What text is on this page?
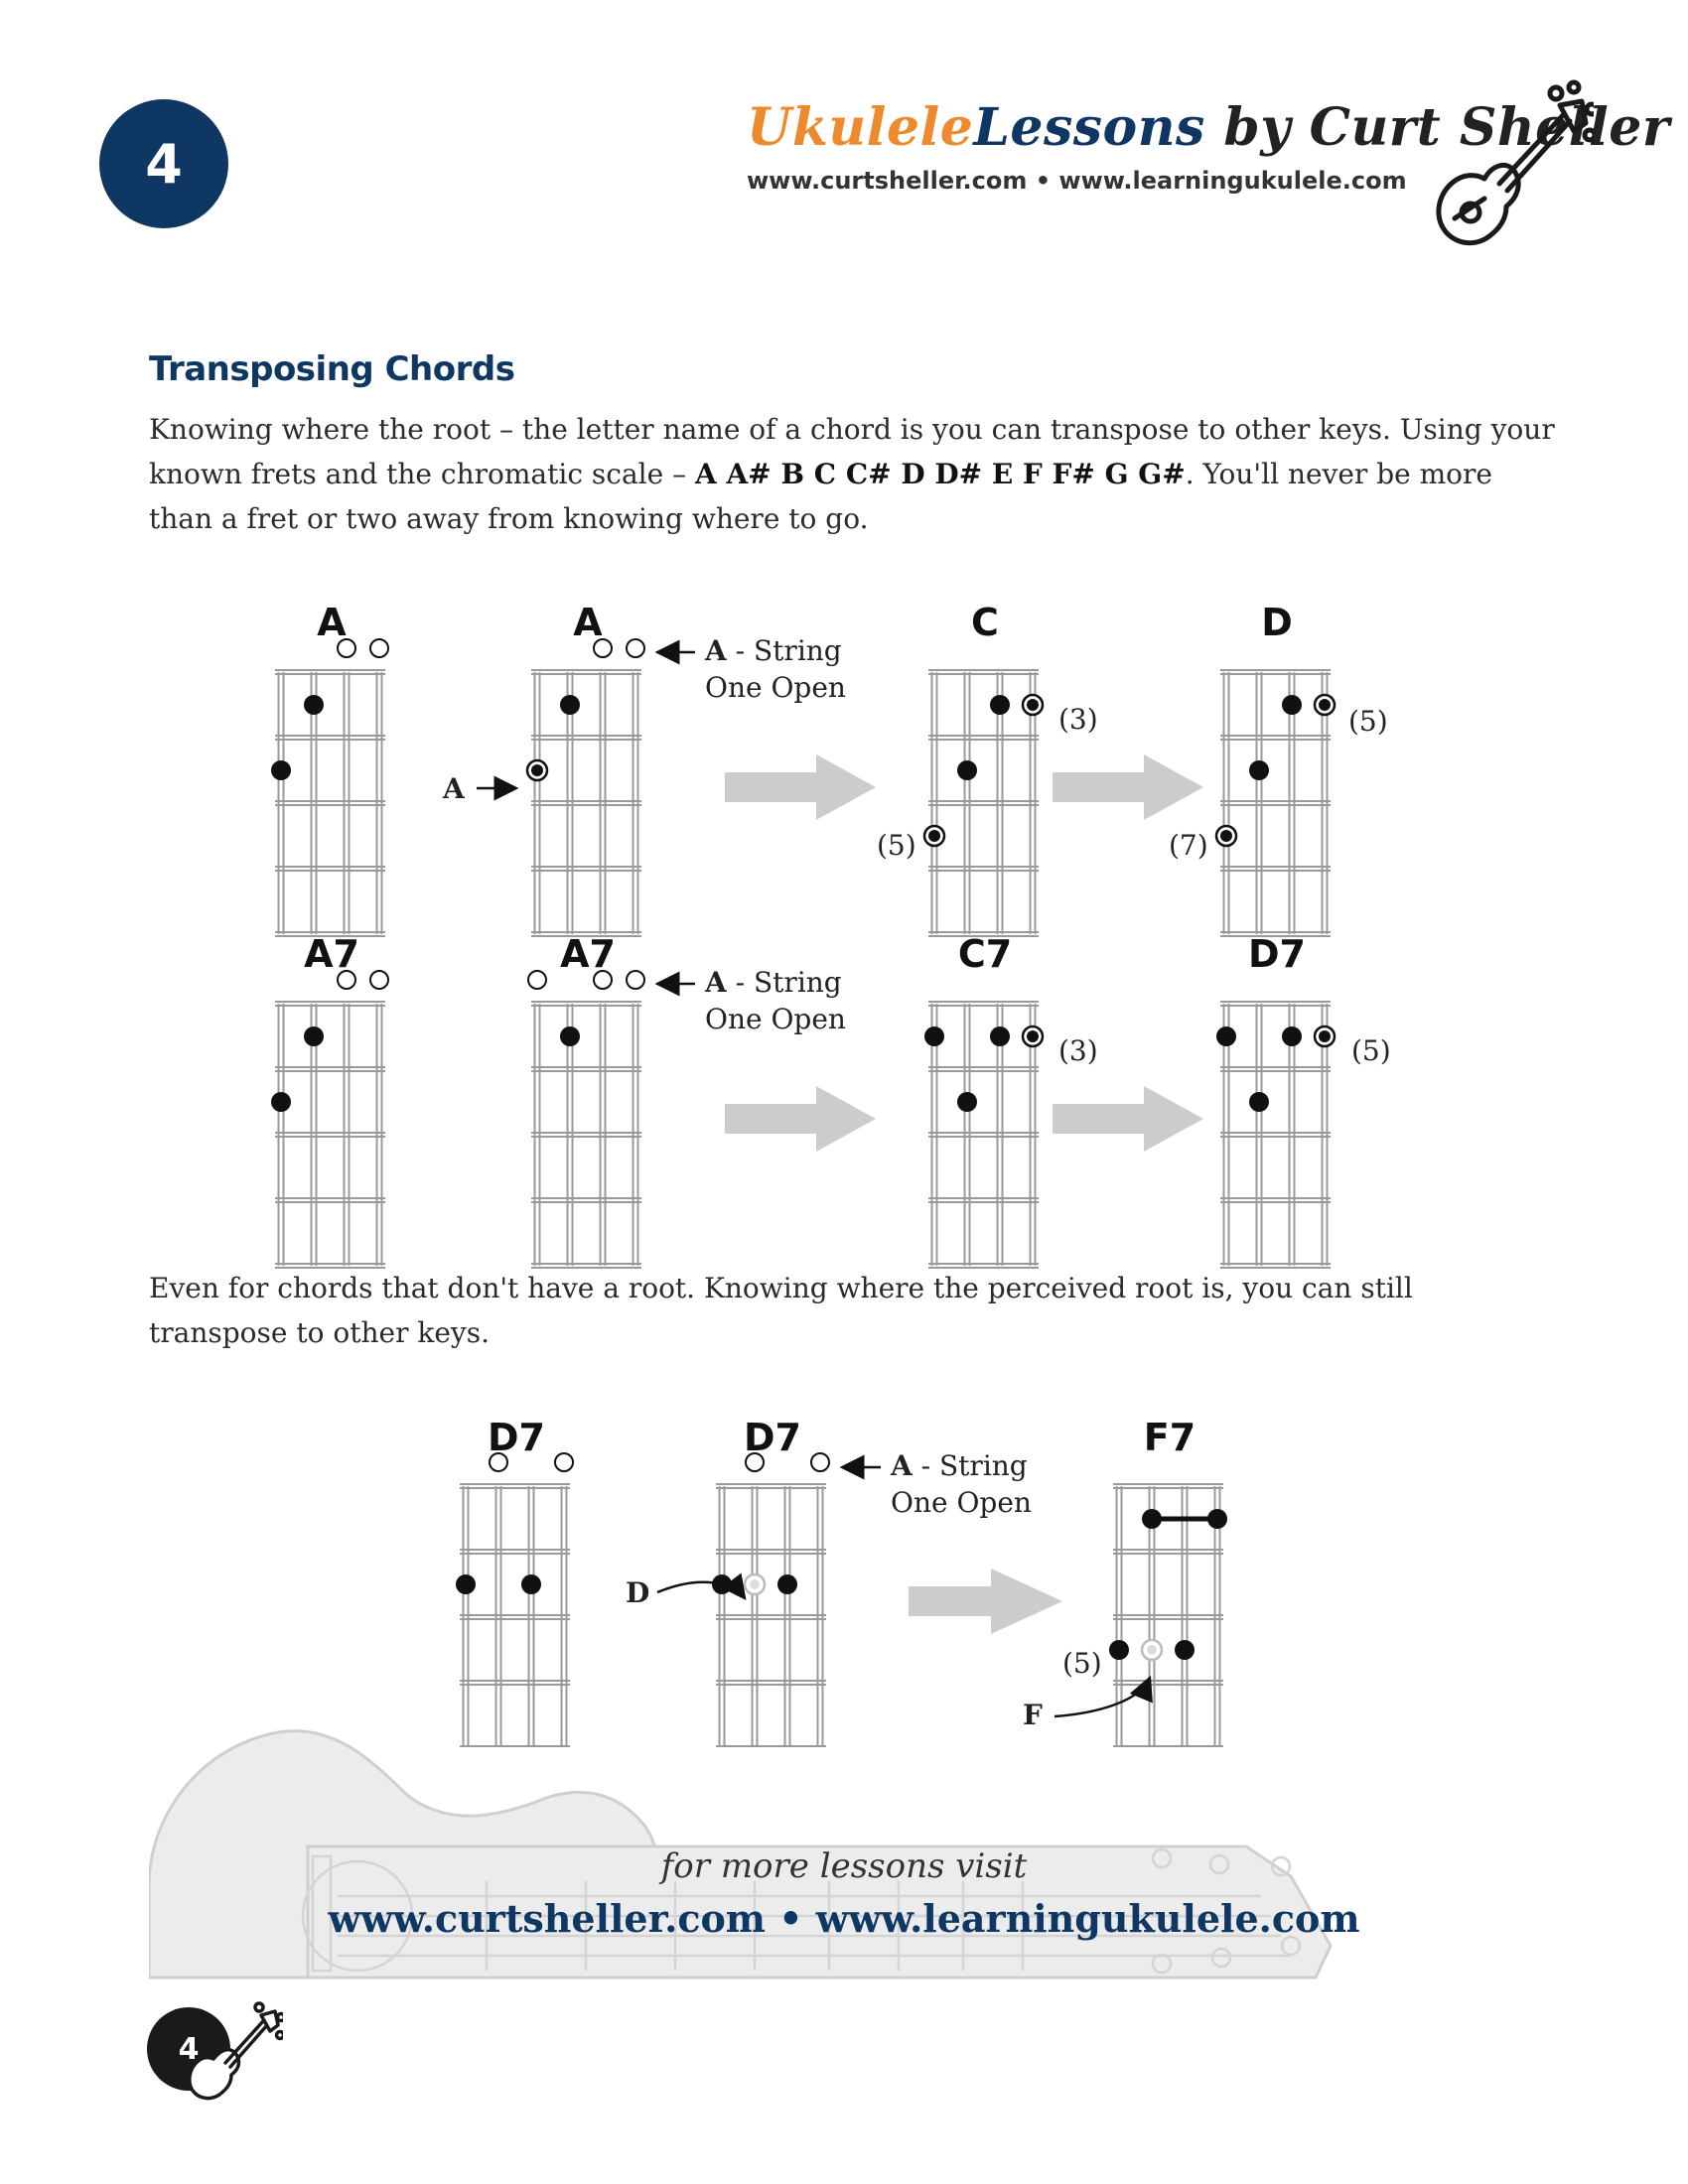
4
UkuleleLessons by Curt Sheller
www.curtsheller.com • www.learningukulele.com
Transposing Chords
Knowing where the root – the letter name of a chord is you can transpose to other keys. Using your known frets and the chromatic scale – A A# B C C# D D# E F F# G G#. You'll never be more than a fret or two away from knowing where to go.
A	A	C	D
A7	A7	C7	D7
D7	D7	F7
A - String
One Open
A - String
One Open
A - String
One Open
A
D
F
(3)
(5)
(5)
(7)
(3)	(5)
(5)
Even for chords that don't have a root. Knowing where the perceived root is, you can still transpose to other keys.
for more lessons visit
www.curtsheller.com • www.learningukulele.com
4
